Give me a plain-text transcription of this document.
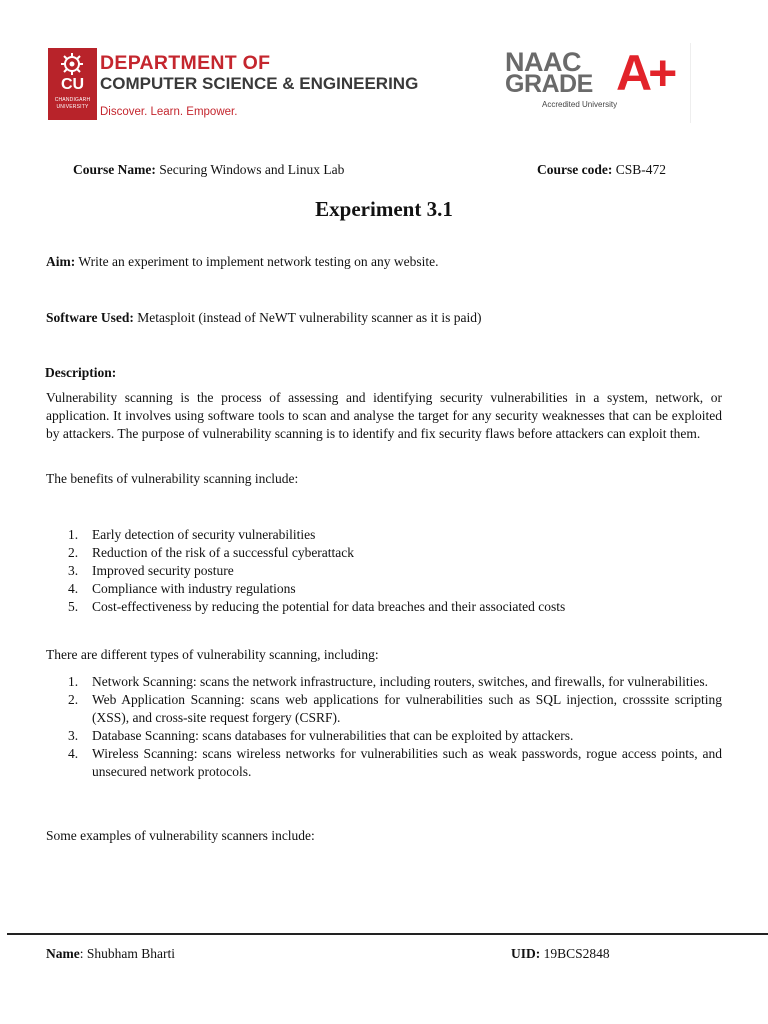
CU
CHANDIGARH UNIVERSITY
DEPARTMENT OF
COMPUTER SCIENCE & ENGINEERING
Discover. Learn. Empower.
NAAC
GRADE A+
Accredited University
Course Name: Securing Windows and Linux Lab	Course code: CSB-472
Experiment 3.1
Aim: Write an experiment to implement network testing on any website.
Software Used: Metasploit (instead of NeWT vulnerability scanner as it is paid)
Description:
Vulnerability scanning is the process of assessing and identifying security vulnerabilities in a system, network, or application. It involves using software tools to scan and analyse the target for any security weaknesses that can be exploited by attackers. The purpose of vulnerability scanning is to identify and fix security flaws before attackers can exploit them.
The benefits of vulnerability scanning include:
1. Early detection of security vulnerabilities
2. Reduction of the risk of a successful cyberattack
3. Improved security posture
4. Compliance with industry regulations
5. Cost-effectiveness by reducing the potential for data breaches and their associated costs
There are different types of vulnerability scanning, including:
1. Network Scanning: scans the network infrastructure, including routers, switches, and firewalls, for vulnerabilities.
2. Web Application Scanning: scans web applications for vulnerabilities such as SQL injection, crosssite scripting (XSS), and cross-site request forgery (CSRF).
3. Database Scanning: scans databases for vulnerabilities that can be exploited by attackers.
4. Wireless Scanning: scans wireless networks for vulnerabilities such as weak passwords, rogue access points, and unsecured network protocols.
Some examples of vulnerability scanners include:
Name: Shubham Bharti	UID: 19BCS2848
